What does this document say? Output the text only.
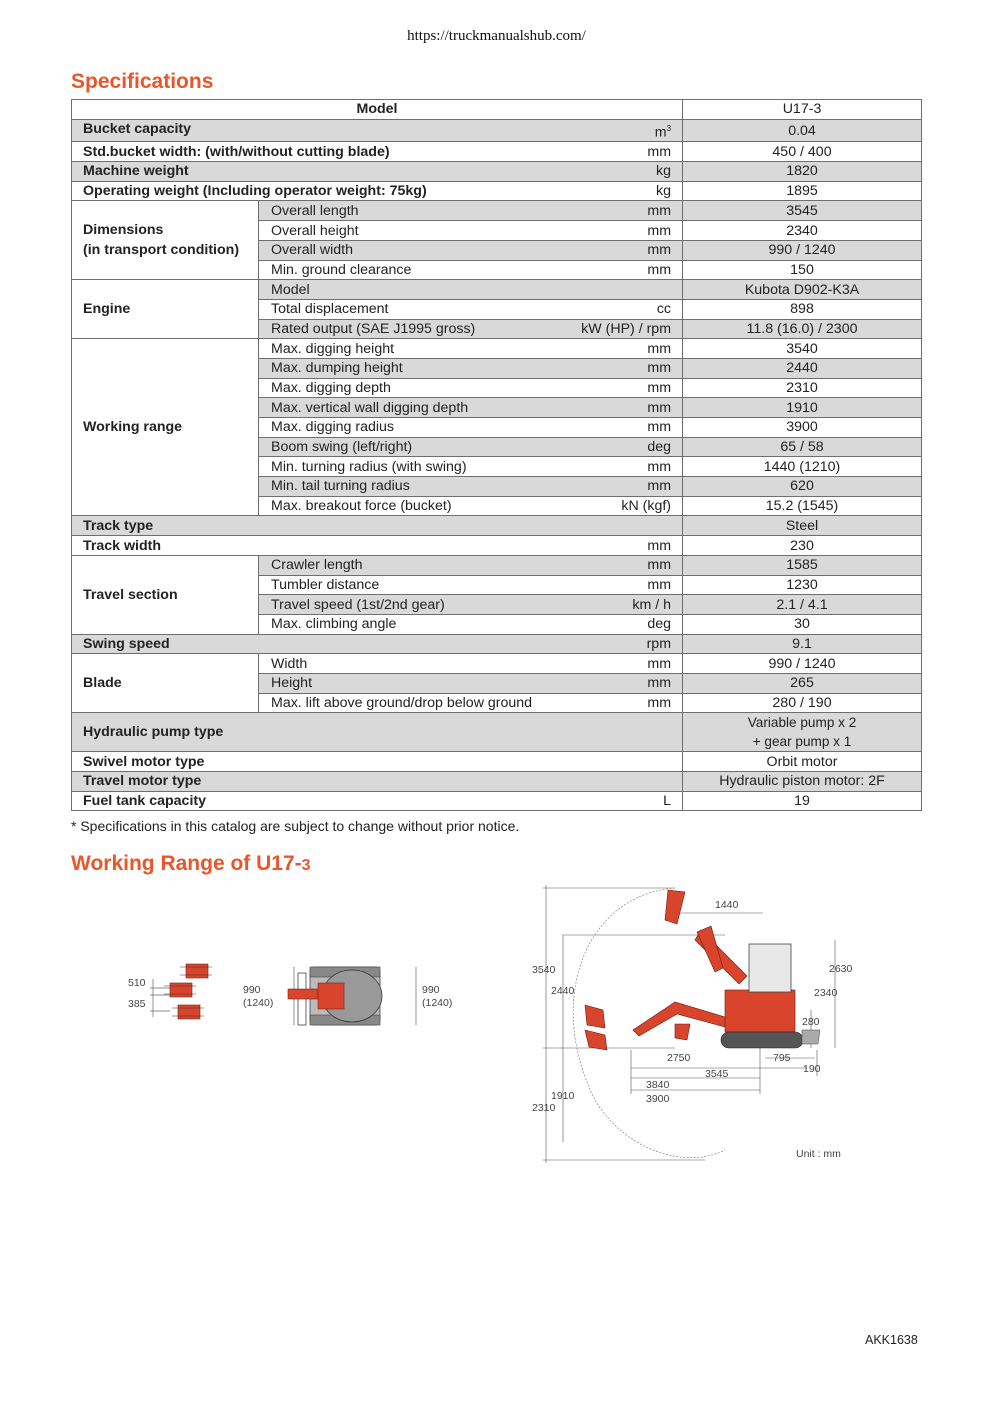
https://truckmanualshub.com/
Specifications
Model		U17-3

Bucket capacity $m^3$		0.04

Std.bucket width: (with/without cutting blade) mm		450 / 400

Machine weight kg		1820

Operating weight (Including operator weight: 75kg) kg		1895
Dimensions
(in transport condition)	Overall length mm	3545

	Overall height mm	2340

	Overall width mm	990 / 1240

	Min. ground clearance mm	150
Engine	Model	Kubota D902-K3A

	Total displacement cc	898

	Rated output (SAE J1995 gross) kW (HP) / rpm	11.8 (16.0) / 2300
Working range	Max. digging height mm	3540

	Max. dumping height mm	2440

	Max. digging depth mm	2310

	Max. vertical wall digging depth mm	1910

	Max. digging radius mm	3900

	Boom swing (left/right) deg	65 / 58

	Min. turning radius (with swing) mm	1440 (1210)

	Min. tail turning radius mm	620

	Max. breakout force (bucket) kN (kgf)	15.2 (1545)

Track type		Steel

Track width mm		230
Travel section	Crawler length mm	1585

	Tumbler distance mm	1230

	Travel speed (1st/2nd gear) km / h	2.1 / 4.1

	Max. climbing angle deg	30

Swing speed rpm		9.1
Blade	Width mm	990 / 1240

	Height mm	265

	Max. lift above ground/drop below ground mm	280 / 190

Hydraulic pump type		Variable pump x 2
+ gear pump x 1

Swivel motor type		Orbit motor

Travel motor type		Hydraulic piston motor: 2F

Fuel tank capacity L		19
* Specifications in this catalog are subject to change without prior notice.
Working Range of U17-3
510
385
990
(1240)
990
(1240)
1440
3540
2440
2630
2340
280
2750	795
190
3545
3840
3900
1910
2310
Unit : mm
AKK1638
